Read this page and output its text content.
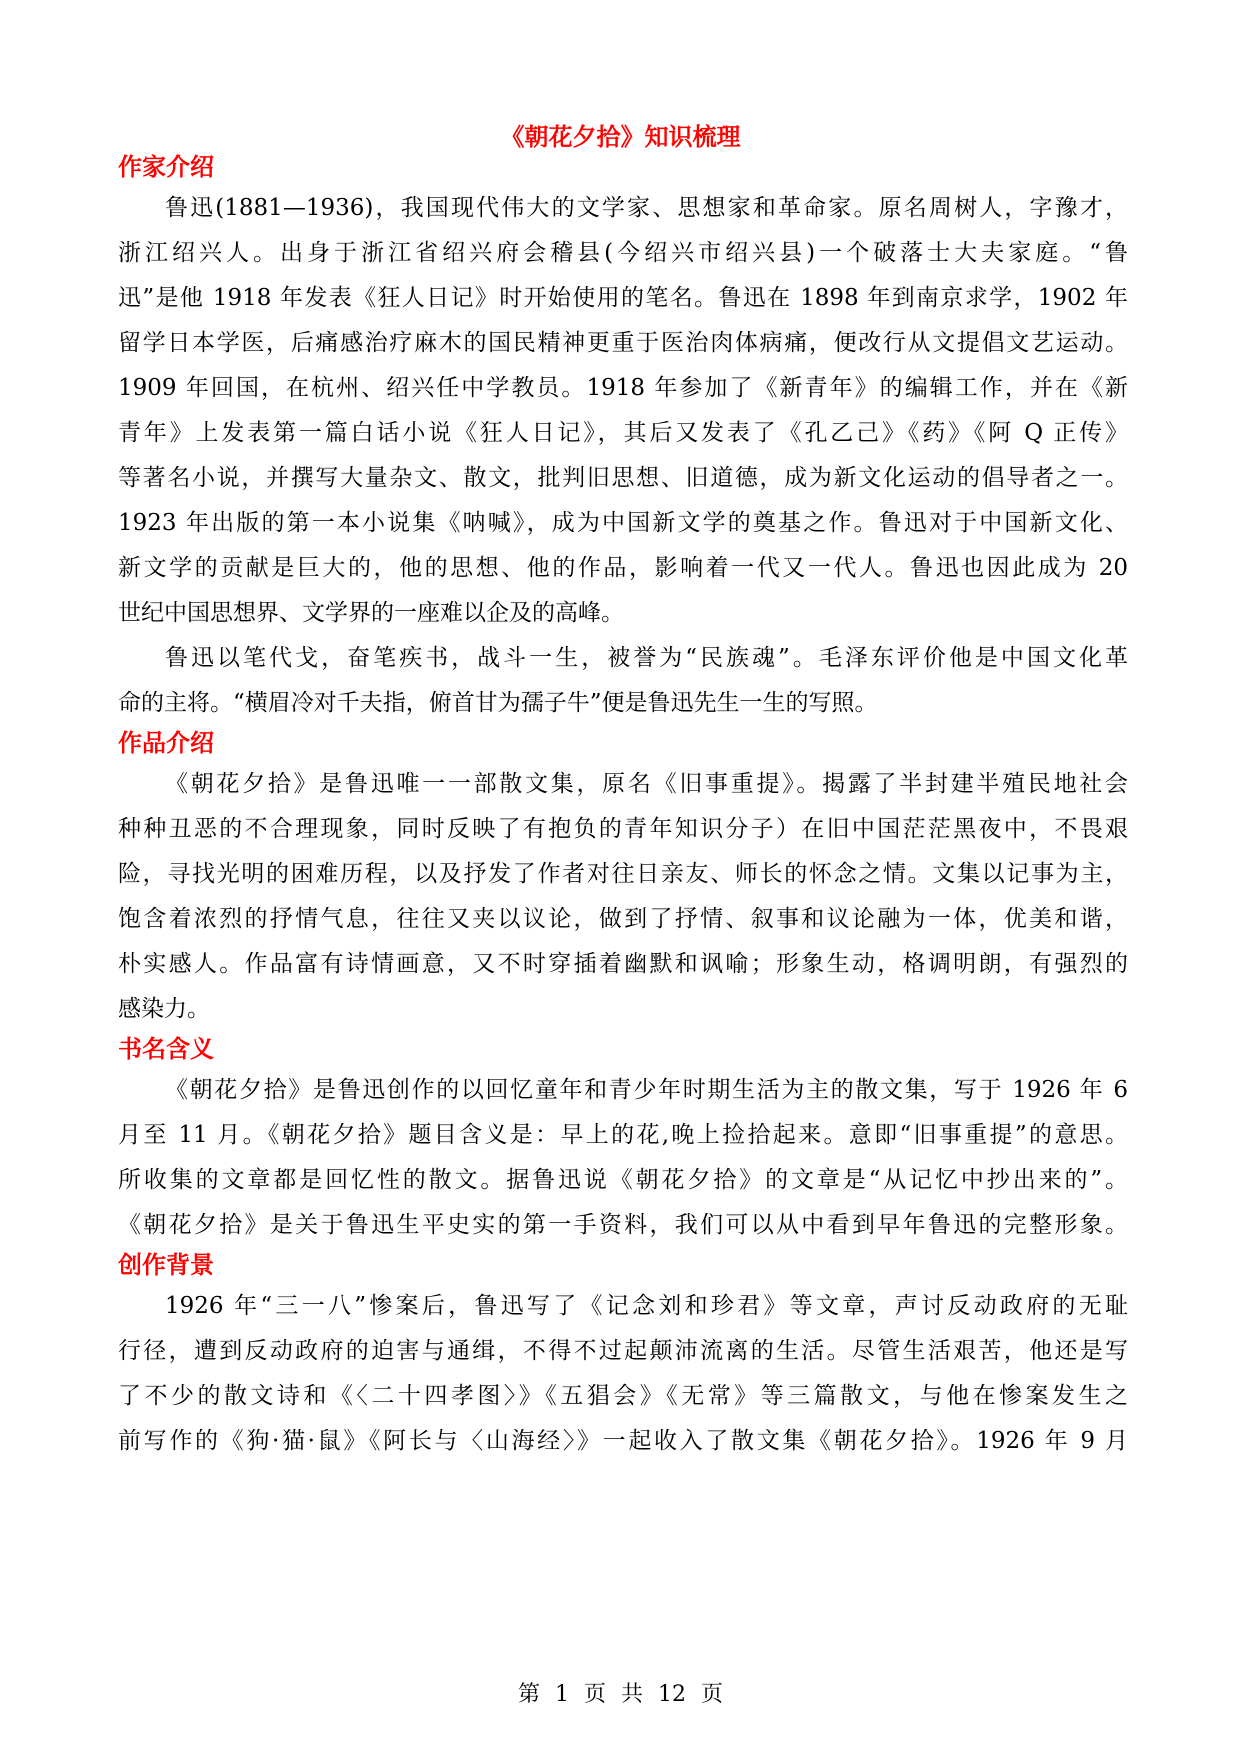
《朝花夕拾》知识梳理
作家介绍
鲁迅(1881—1936)，我国现代伟大的文学家、思想家和革命家。原名周树人，字豫才，
浙江绍兴人。出身于浙江省绍兴府会稽县(今绍兴市绍兴县)一个破落士大夫家庭。“鲁
迅”是他 1918 年发表《狂人日记》时开始使用的笔名。鲁迅在 1898 年到南京求学，1902 年
留学日本学医，后痛感治疗麻木的国民精神更重于医治肉体病痛，便改行从文提倡文艺运动。
1909 年回国，在杭州、绍兴任中学教员。1918 年参加了《新青年》的编辑工作，并在《新
青年》上发表第一篇白话小说《狂人日记》，其后又发表了《孔乙己》《药》《阿 Q 正传》
等著名小说，并撰写大量杂文、散文，批判旧思想、旧道德，成为新文化运动的倡导者之一。
1923 年出版的第一本小说集《呐喊》，成为中国新文学的奠基之作。鲁迅对于中国新文化、
新文学的贡献是巨大的，他的思想、他的作品，影响着一代又一代人。鲁迅也因此成为 20
世纪中国思想界、文学界的一座难以企及的高峰。
鲁迅以笔代戈，奋笔疾书，战斗一生，被誉为“民族魂”。毛泽东评价他是中国文化革
命的主将。“横眉冷对千夫指，俯首甘为孺子牛”便是鲁迅先生一生的写照。
作品介绍
《朝花夕拾》是鲁迅唯一一部散文集，原名《旧事重提》。揭露了半封建半殖民地社会
种种丑恶的不合理现象，同时反映了有抱负的青年知识分子）在旧中国茫茫黑夜中，不畏艰
险，寻找光明的困难历程，以及抒发了作者对往日亲友、师长的怀念之情。文集以记事为主，
饱含着浓烈的抒情气息，往往又夹以议论，做到了抒情、叙事和议论融为一体，优美和谐，
朴实感人。作品富有诗情画意，又不时穿插着幽默和讽喻；形象生动，格调明朗，有强烈的
感染力。
书名含义
《朝花夕拾》是鲁迅创作的以回忆童年和青少年时期生活为主的散文集，写于 1926 年 6
月至 11 月。《朝花夕拾》题目含义是：早上的花,晚上捡拾起来。意即“旧事重提”的意思。
所收集的文章都是回忆性的散文。据鲁迅说《朝花夕拾》的文章是“从记忆中抄出来的”。
《朝花夕拾》是关于鲁迅生平史实的第一手资料，我们可以从中看到早年鲁迅的完整形象。
创作背景
1926 年“三一八”惨案后，鲁迅写了《记念刘和珍君》等文章，声讨反动政府的无耻
行径，遭到反动政府的迫害与通缉，不得不过起颠沛流离的生活。尽管生活艰苦，他还是写
了不少的散文诗和《〈二十四孝图〉》《五猖会》《无常》等三篇散文，与他在惨案发生之
前写作的《狗·猫·鼠》《阿长与〈山海经〉》一起收入了散文集《朝花夕拾》。1926 年 9 月
第 1 页 共 12 页
